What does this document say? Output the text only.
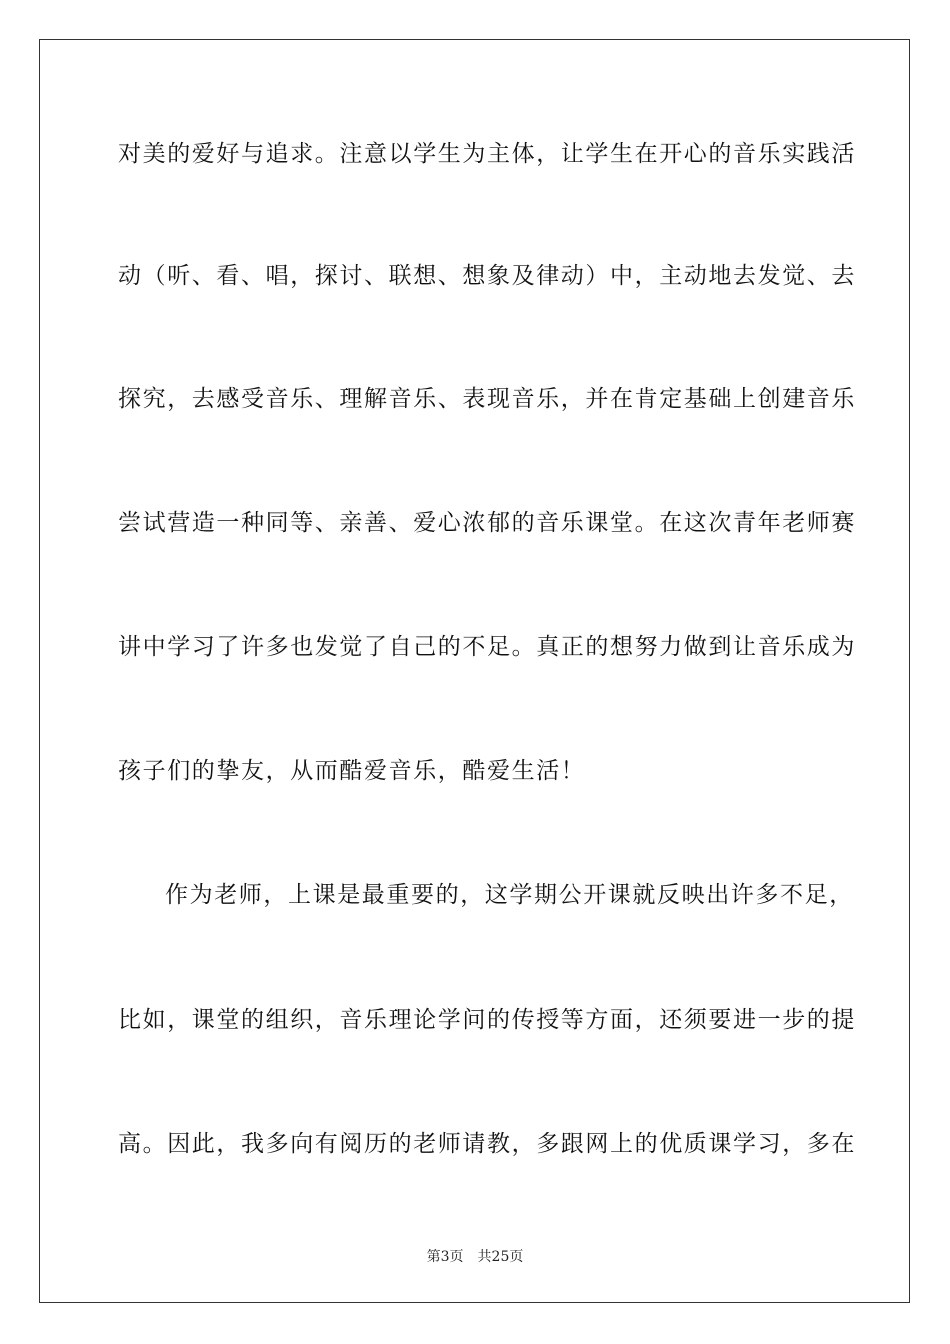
对美的爱好与追求。注意以学生为主体，让学生在开心的音乐实践活
动（听、看、唱，探讨、联想、想象及律动）中，主动地去发觉、去
探究，去感受音乐、理解音乐、表现音乐，并在肯定基础上创建音乐
尝试营造一种同等、亲善、爱心浓郁的音乐课堂。在这次青年老师赛
讲中学习了许多也发觉了自己的不足。真正的想努力做到让音乐成为
孩子们的挚友，从而酷爱音乐，酷爱生活！
作为老师，上课是最重要的，这学期公开课就反映出许多不足，
比如，课堂的组织，音乐理论学问的传授等方面，还须要进一步的提
高。因此，我多向有阅历的老师请教，多跟网上的优质课学习，多在
第3页 共25页
